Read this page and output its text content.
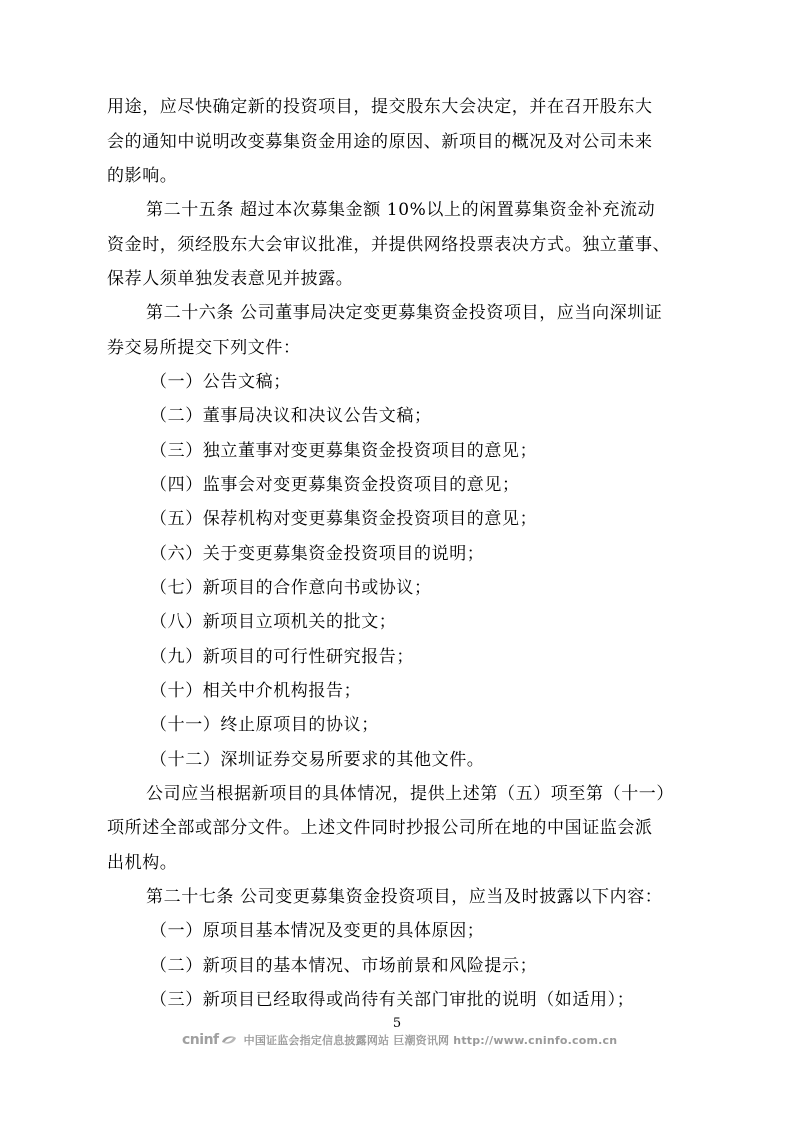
用途，应尽快确定新的投资项目，提交股东大会决定，并在召开股东大
会的通知中说明改变募集资金用途的原因、新项目的概况及对公司未来
的影响。
第二十五条 超过本次募集金额 10%以上的闲置募集资金补充流动
资金时，须经股东大会审议批准，并提供网络投票表决方式。独立董事、
保荐人须单独发表意见并披露。
第二十六条 公司董事局决定变更募集资金投资项目，应当向深圳证
券交易所提交下列文件：
（一）公告文稿；
（二）董事局决议和决议公告文稿；
（三）独立董事对变更募集资金投资项目的意见；
（四）监事会对变更募集资金投资项目的意见；
（五）保荐机构对变更募集资金投资项目的意见；
（六）关于变更募集资金投资项目的说明；
（七）新项目的合作意向书或协议；
（八）新项目立项机关的批文；
（九）新项目的可行性研究报告；
（十）相关中介机构报告；
（十一）终止原项目的协议；
（十二）深圳证券交易所要求的其他文件。
公司应当根据新项目的具体情况，提供上述第（五）项至第（十一）
项所述全部或部分文件。上述文件同时抄报公司所在地的中国证监会派
出机构。
第二十七条 公司变更募集资金投资项目，应当及时披露以下内容：
（一）原项目基本情况及变更的具体原因；
（二）新项目的基本情况、市场前景和风险提示；
（三）新项目已经取得或尚待有关部门审批的说明（如适用）；
5
cninf 中国证监会指定信息披露网站 巨潮资讯网 http://www.cninfo.com.cn
